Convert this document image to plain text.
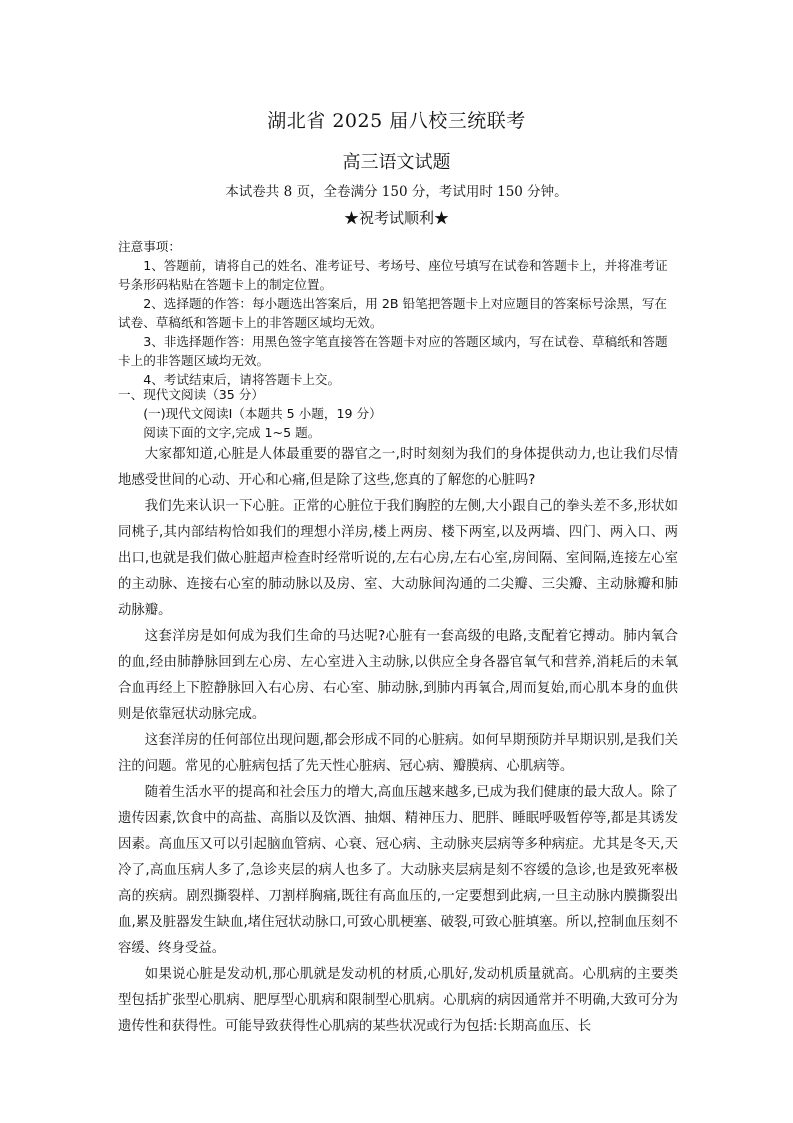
湖北省 2025 届八校三统联考
高三语文试题
本试卷共 8 页，全卷满分 150 分，考试用时 150 分钟。
★祝考试顺利★

注意事项：

1、答题前，请将自己的姓名、准考证号、考场号、座位号填写在试卷和答题卡上，并将准考证号条形码粘贴在答题卡上的制定位置。

2、选择题的作答：每小题选出答案后，用 2B 铅笔把答题卡上对应题目的答案标号涂黑，写在试卷、草稿纸和答题卡上的非答题区域均无效。

3、非选择题作答：用黑色签字笔直接答在答题卡对应的答题区域内，写在试卷、草稿纸和答题卡上的非答题区域均无效。

4、考试结束后，请将答题卡上交。

一、现代文阅读（35 分）
(一)现代文阅读Ⅰ（本题共 5 小题，19 分）
阅读下面的文字,完成 1~5 题。

大家都知道,心脏是人体最重要的器官之一,时时刻刻为我们的身体提供动力,也让我们尽情地感受世间的心动、开心和心痛,但是除了这些,您真的了解您的心脏吗?

我们先来认识一下心脏。正常的心脏位于我们胸腔的左侧,大小跟自己的拳头差不多,形状如同桃子,其内部结构恰如我们的理想小洋房,楼上两房、楼下两室,以及两墙、四门、两入口、两出口,也就是我们做心脏超声检查时经常听说的,左右心房,左右心室,房间隔、室间隔,连接左心室的主动脉、连接右心室的肺动脉以及房、室、大动脉间沟通的二尖瓣、三尖瓣、主动脉瓣和肺动脉瓣。

这套洋房是如何成为我们生命的马达呢?心脏有一套高级的电路,支配着它搏动。肺内氧合的血,经由肺静脉回到左心房、左心室进入主动脉,以供应全身各器官氧气和营养,消耗后的未氧合血再经上下腔静脉回入右心房、右心室、肺动脉,到肺内再氧合,周而复始,而心肌本身的血供则是依靠冠状动脉完成。

这套洋房的任何部位出现问题,都会形成不同的心脏病。如何早期预防并早期识别,是我们关注的问题。常见的心脏病包括了先天性心脏病、冠心病、瓣膜病、心肌病等。

随着生活水平的提高和社会压力的增大,高血压越来越多,已成为我们健康的最大敌人。除了遗传因素,饮食中的高盐、高脂以及饮酒、抽烟、精神压力、肥胖、睡眠呼吸暂停等,都是其诱发因素。高血压又可以引起脑血管病、心衰、冠心病、主动脉夹层病等多种病症。尤其是冬天,天冷了,高血压病人多了,急诊夹层的病人也多了。大动脉夹层病是刻不容缓的急诊,也是致死率极高的疾病。剧烈撕裂样、刀割样胸痛,既往有高血压的,一定要想到此病,一旦主动脉内膜撕裂出血,累及脏器发生缺血,堵住冠状动脉口,可致心肌梗塞、破裂,可致心脏填塞。所以,控制血压刻不容缓、终身受益。

如果说心脏是发动机,那心肌就是发动机的材质,心肌好,发动机质量就高。心肌病的主要类型包括扩张型心肌病、肥厚型心肌病和限制型心肌病。心肌病的病因通常并不明确,大致可分为遗传性和获得性。可能导致获得性心肌病的某些状况或行为包括:长期高血压、长
